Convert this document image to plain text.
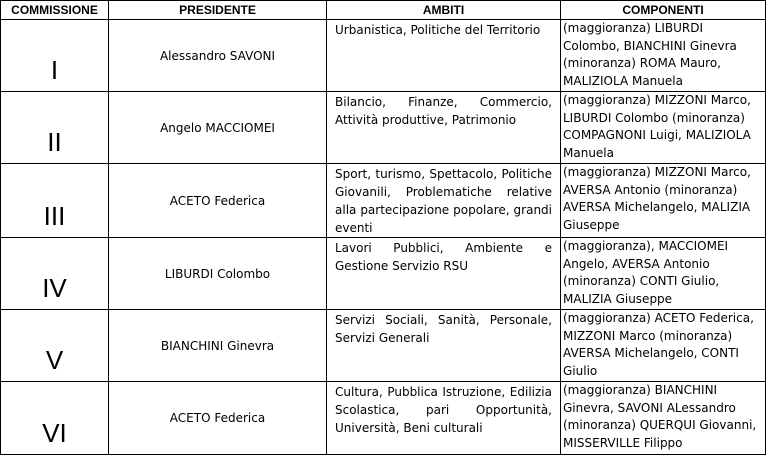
COMMISSIONE	PRESIDENTE	AMBITI	COMPONENTI
I	Alessandro SAVONI	Urbanistica, Politiche del Territorio	(maggioranza) LIBURDI Colombo, BIANCHINI Ginevra (minoranza) ROMA Mauro, MALIZIOLA Manuela
II	Angelo MACCIOMEI	Bilancio, Finanze, Commercio, Attività produttive, Patrimonio	(maggioranza) MIZZONI Marco, LIBURDI Colombo (minoranza) COMPAGNONI Luigi, MALIZIOLA Manuela
III	ACETO Federica	Sport, turismo, Spettacolo, Politiche Giovanili, Problematiche relative alla partecipazione popolare, grandi eventi	(maggioranza) MIZZONI Marco, AVERSA Antonio (minoranza) AVERSA Michelangelo, MALIZIA Giuseppe
IV	LIBURDI Colombo	Lavori Pubblici, Ambiente e Gestione Servizio RSU	(maggioranza), MACCIOMEI Angelo, AVERSA Antonio (minoranza) CONTI Giulio, MALIZIA Giuseppe
V	BIANCHINI Ginevra	Servizi Sociali, Sanità, Personale, Servizi Generali	(maggioranza) ACETO Federica, MIZZONI Marco (minoranza) AVERSA Michelangelo, CONTI Giulio
VI	ACETO Federica	Cultura, Pubblica Istruzione, Edilizia Scolastica, pari Opportunità, Università, Beni culturali	(maggioranza) BIANCHINI Ginevra, SAVONI ALessandro (minoranza) QUERQUI Giovanni, MISSERVILLE Filippo
